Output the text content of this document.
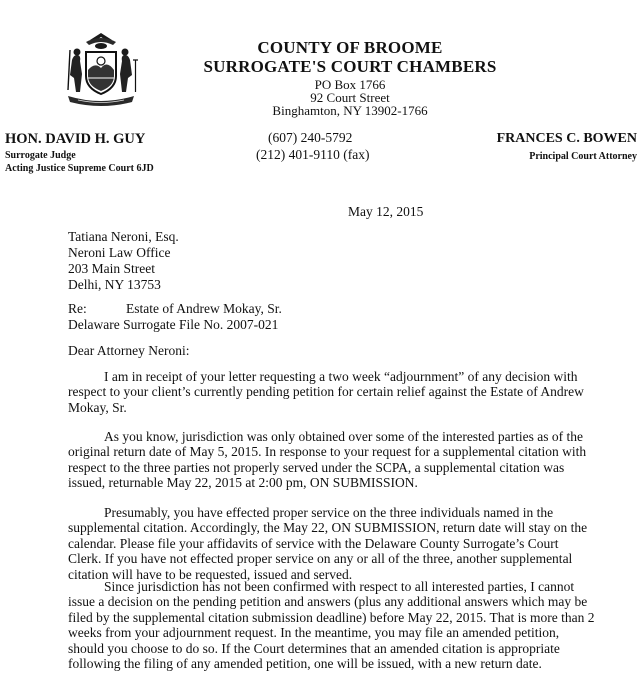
COUNTY OF BROOME
SURROGATE'S COURT CHAMBERS
PO Box 1766
92 Court Street
Binghamton, NY 13902-1766
HON. DAVID H. GUY
Surrogate Judge
Acting Justice Supreme Court 6JD
(607) 240-5792
(212) 401-9110 (fax)
FRANCES C. BOWEN
Principal Court Attorney
May 12, 2015
Tatiana Neroni, Esq.
Neroni Law Office
203 Main Street
Delhi, NY 13753
Re:	Estate of Andrew Mokay, Sr.
Delaware Surrogate File No. 2007-021
Dear Attorney Neroni:
I am in receipt of your letter requesting a two week “adjournment” of any decision with
respect to your client’s currently pending petition for certain relief against the Estate of Andrew
Mokay, Sr.
As you know, jurisdiction was only obtained over some of the interested parties as of the
original return date of May 5, 2015. In response to your request for a supplemental citation with
respect to the three parties not properly served under the SCPA, a supplemental citation was
issued, returnable May 22, 2015 at 2:00 pm, ON SUBMISSION.
Presumably, you have effected proper service on the three individuals named in the
supplemental citation. Accordingly, the May 22, ON SUBMISSION, return date will stay on the
calendar. Please file your affidavits of service with the Delaware County Surrogate’s Court
Clerk. If you have not effected proper service on any or all of the three, another supplemental
citation will have to be requested, issued and served.
Since jurisdiction has not been confirmed with respect to all interested parties, I cannot
issue a decision on the pending petition and answers (plus any additional answers which may be
filed by the supplemental citation submission deadline) before May 22, 2015. That is more than 2
weeks from your adjournment request. In the meantime, you may file an amended petition,
should you choose to do so. If the Court determines that an amended citation is appropriate
following the filing of any amended petition, one will be issued, with a new return date.
